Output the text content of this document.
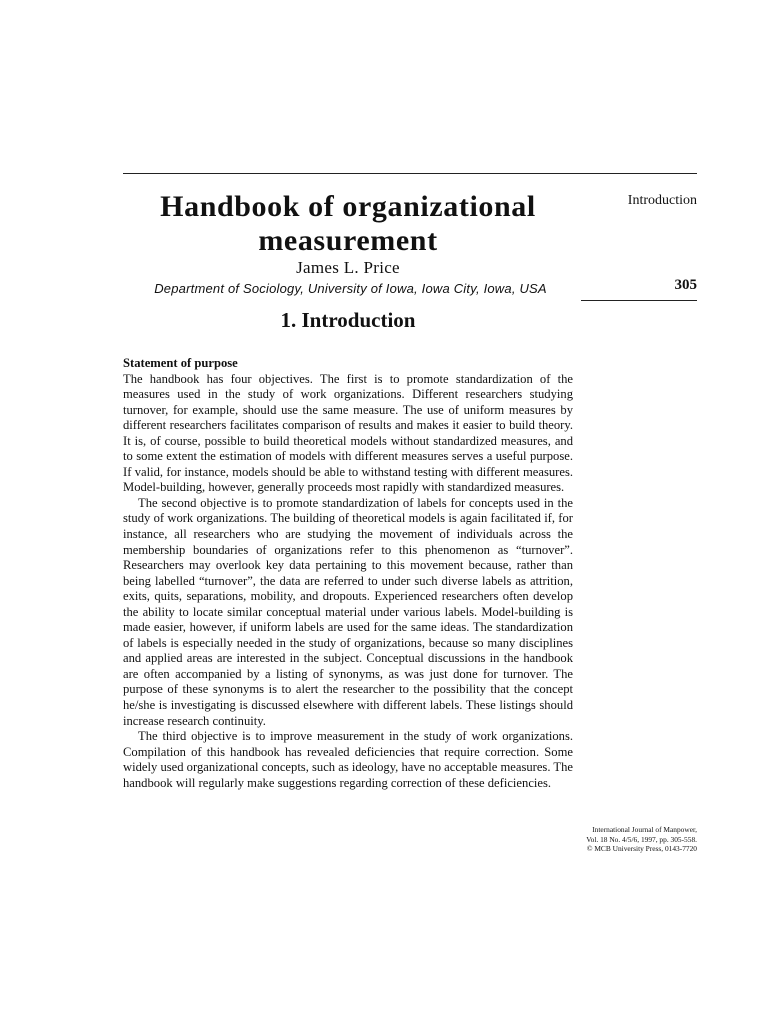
Handbook of organizational measurement
James L. Price
Department of Sociology, University of Iowa, Iowa City, Iowa, USA
Introduction
305
1. Introduction
Statement of purpose

The handbook has four objectives. The first is to promote standardization of the measures used in the study of work organizations. Different researchers studying turnover, for example, should use the same measure. The use of uniform measures by different researchers facilitates comparison of results and makes it easier to build theory. It is, of course, possible to build theoretical models without standardized measures, and to some extent the estimation of models with different measures serves a useful purpose. If valid, for instance, models should be able to withstand testing with different measures. Model-building, however, generally proceeds most rapidly with standardized measures.

The second objective is to promote standardization of labels for concepts used in the study of work organizations. The building of theoretical models is again facilitated if, for instance, all researchers who are studying the movement of individuals across the membership boundaries of organizations refer to this phenomenon as “turnover”. Researchers may overlook key data pertaining to this movement because, rather than being labelled “turnover”, the data are referred to under such diverse labels as attrition, exits, quits, separations, mobility, and dropouts. Experienced researchers often develop the ability to locate similar conceptual material under various labels. Model-building is made easier, however, if uniform labels are used for the same ideas. The standardization of labels is especially needed in the study of organizations, because so many disciplines and applied areas are interested in the subject. Conceptual discussions in the handbook are often accompanied by a listing of synonyms, as was just done for turnover. The purpose of these synonyms is to alert the researcher to the possibility that the concept he/she is investigating is discussed elsewhere with different labels. These listings should increase research continuity.

The third objective is to improve measurement in the study of work organizations. Compilation of this handbook has revealed deficiencies that require correction. Some widely used organizational concepts, such as ideology, have no acceptable measures. The handbook will regularly make suggestions regarding correction of these deficiencies.

International Journal of Manpower,
Vol. 18 No. 4/5/6, 1997, pp. 305-558.
© MCB University Press, 0143-7720
